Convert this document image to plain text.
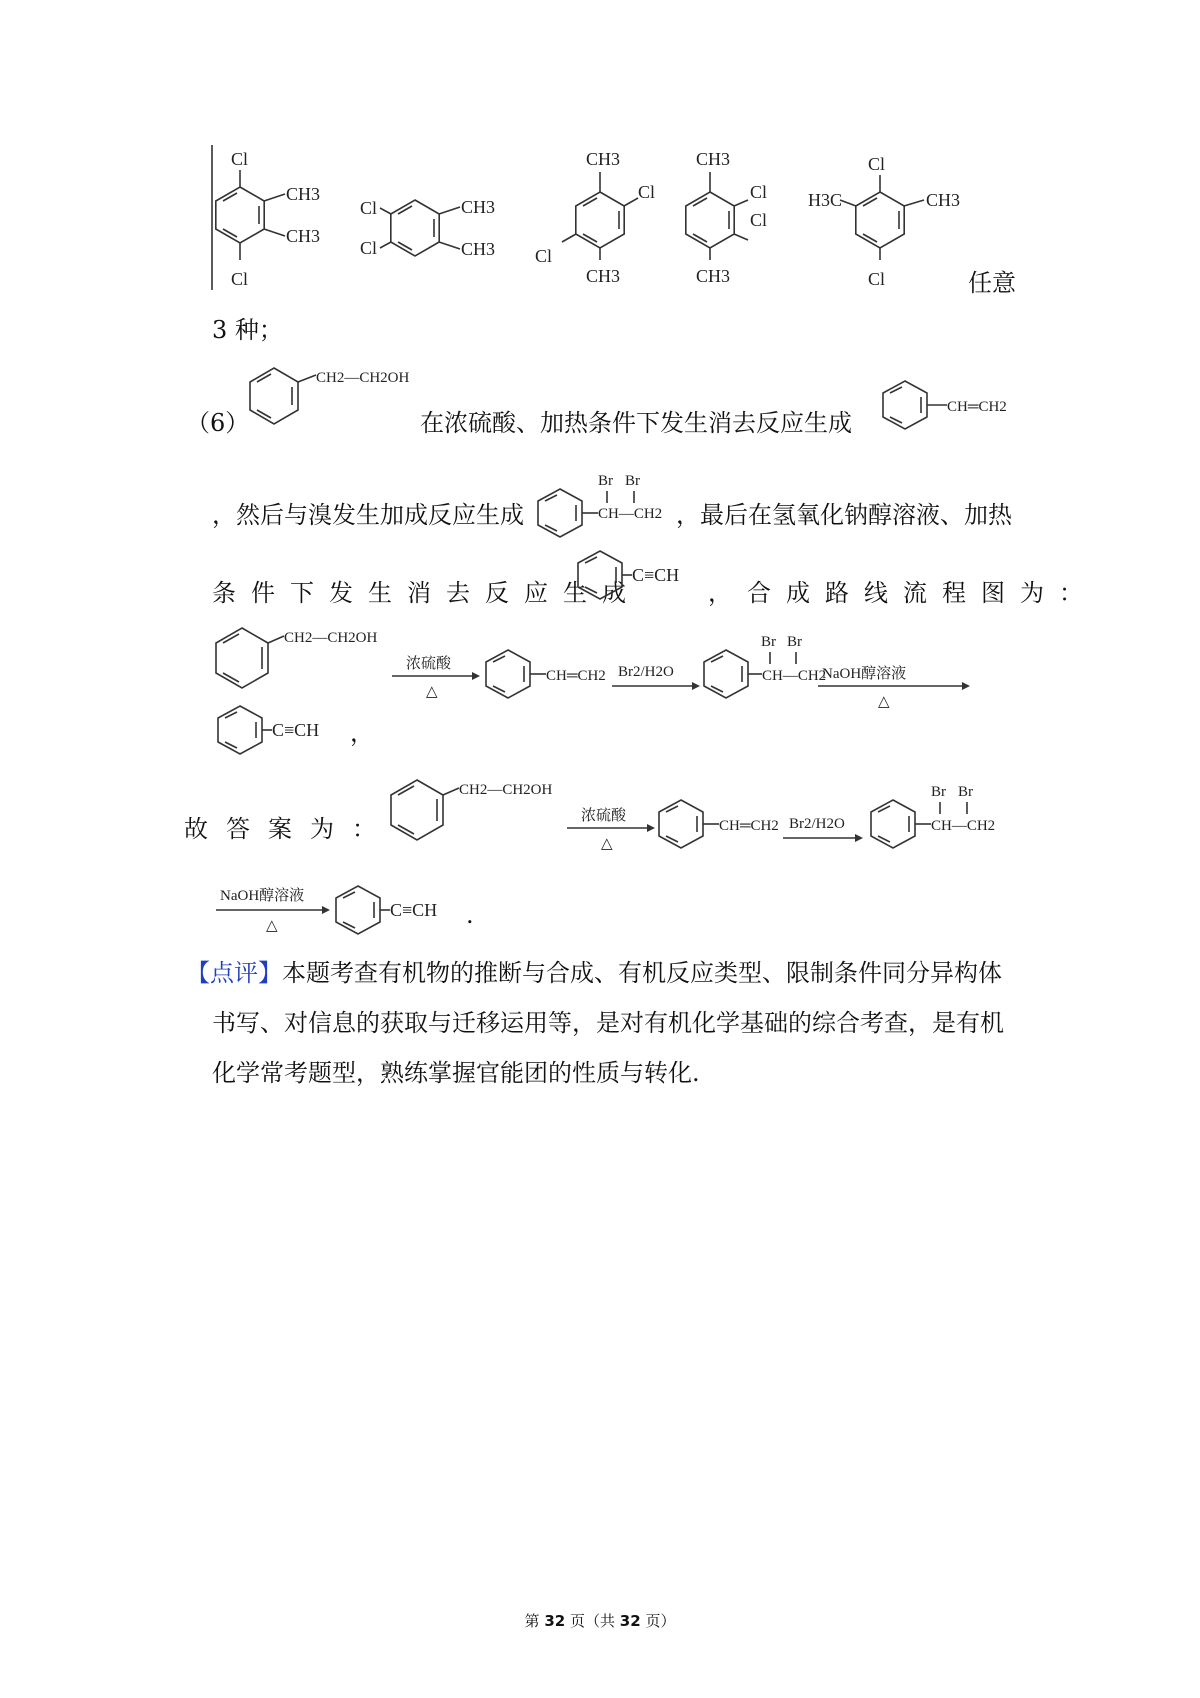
Cl
Cl
CH3
CH3
Cl
Cl
CH3
CH3
CH3
Cl
Cl
CH3
CH3
Cl
Cl
CH3
Cl
H3C	CH3
Cl	任意
3 种；
（6）
CH2—CH2OH
在浓硫酸、加热条件下发生消去反应生成
CH═CH2
，然后与溴发生加成反应生成
Br Br
CH—CH2 ，最后在氢氧化钠醇溶液、加热
条件下发生消去反应生成
C≡CH
，合成路线流程图为：
CH2—CH2OH
浓硫酸
△
CH═CH2 Br2/H2O
Br Br
CH—CH2
NaOH醇溶液
△
C≡CH ，
故答案为：
CH2—CH2OH
浓硫酸
△
CH═CH2 Br2/H2O
Br Br
CH—CH2
NaOH醇溶液
△
C≡CH .
【点评】本题考查有机物的推断与合成、有机反应类型、限制条件同分异构体
书写、对信息的获取与迁移运用等，是对有机化学基础的综合考查，是有机
化学常考题型，熟练掌握官能团的性质与转化.
第 32 页（共 32 页）
